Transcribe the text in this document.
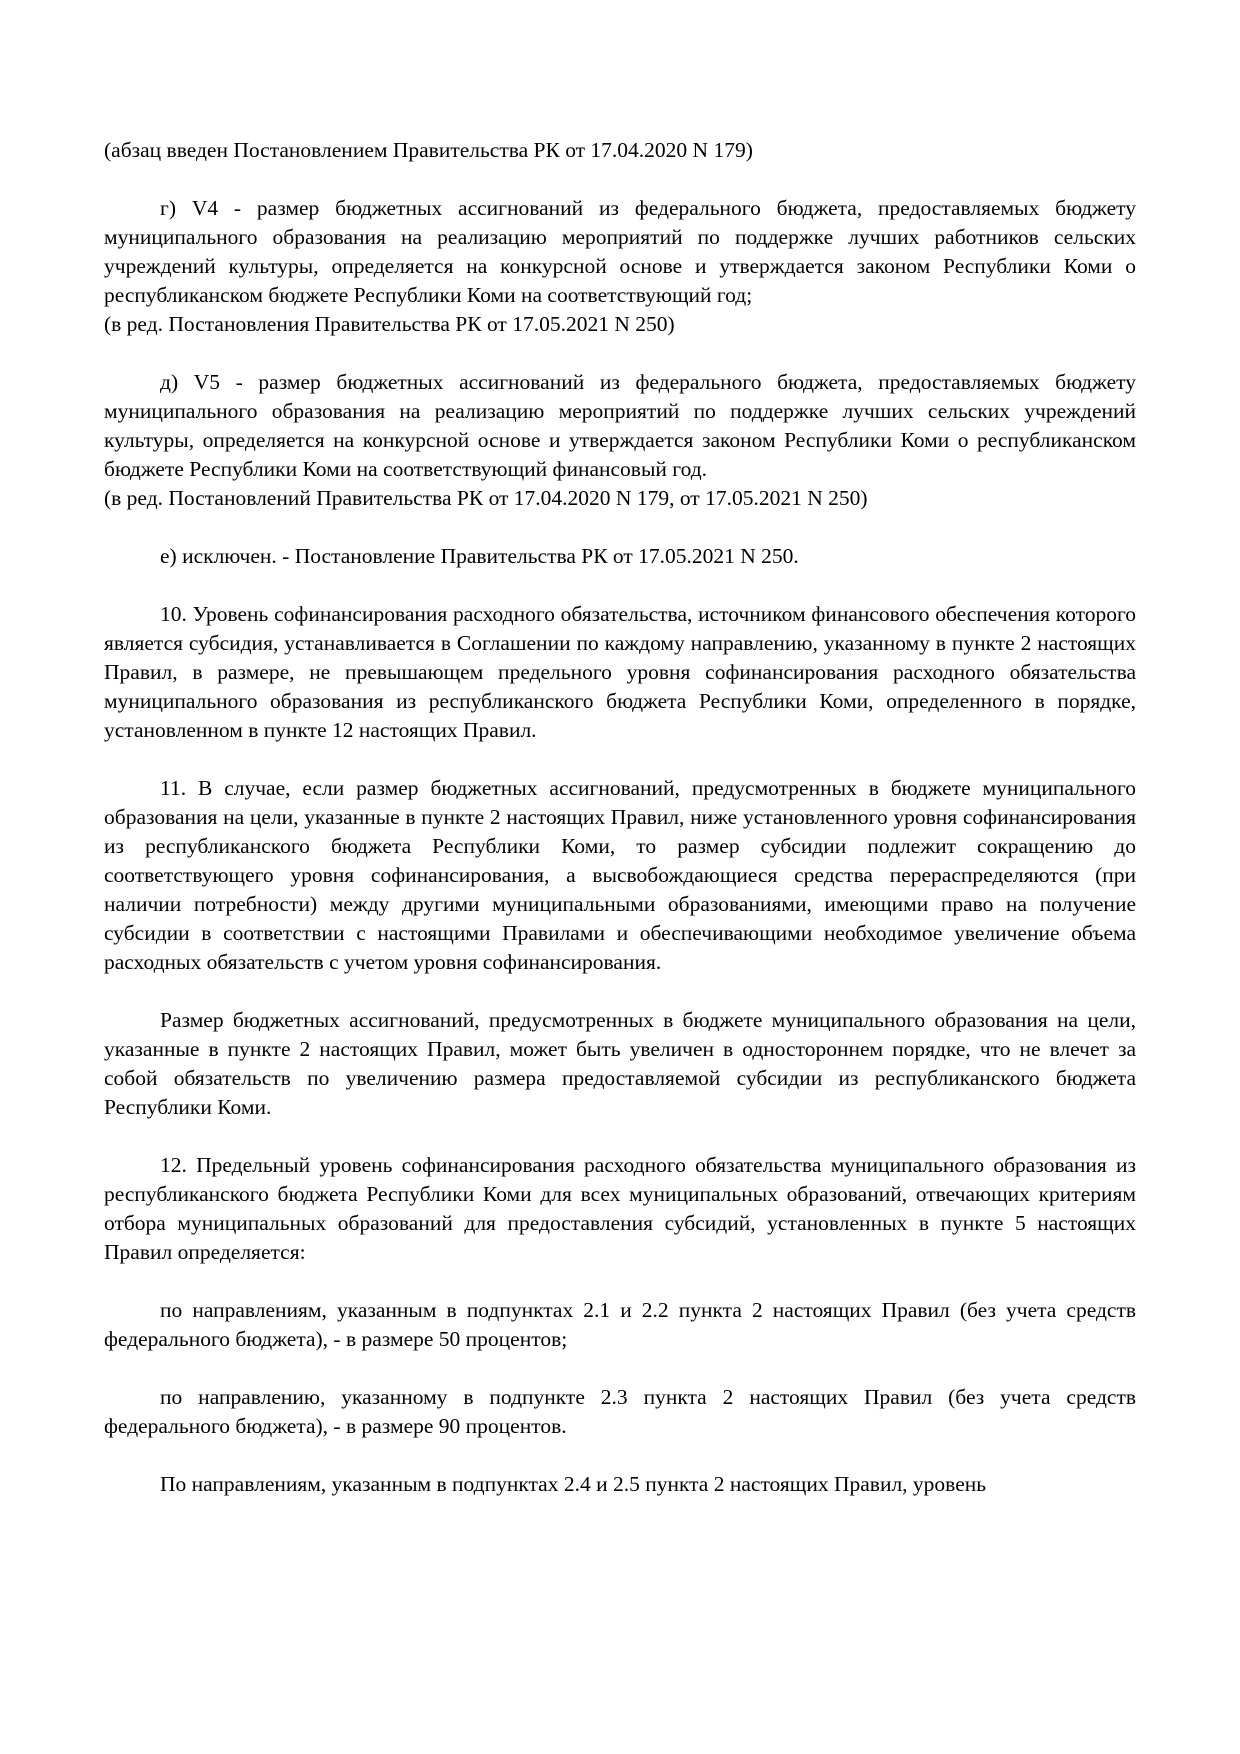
(абзац введен Постановлением Правительства РК от 17.04.2020 N 179)

г) V4 - размер бюджетных ассигнований из федерального бюджета, предоставляемых бюджету муниципального образования на реализацию мероприятий по поддержке лучших работников сельских учреждений культуры, определяется на конкурсной основе и утверждается законом Республики Коми о республиканском бюджете Республики Коми на соответствующий год;

(в ред. Постановления Правительства РК от 17.05.2021 N 250)

д) V5 - размер бюджетных ассигнований из федерального бюджета, предоставляемых бюджету муниципального образования на реализацию мероприятий по поддержке лучших сельских учреждений культуры, определяется на конкурсной основе и утверждается законом Республики Коми о республиканском бюджете Республики Коми на соответствующий финансовый год.

(в ред. Постановлений Правительства РК от 17.04.2020 N 179, от 17.05.2021 N 250)

е) исключен. - Постановление Правительства РК от 17.05.2021 N 250.

10. Уровень софинансирования расходного обязательства, источником финансового обеспечения которого является субсидия, устанавливается в Соглашении по каждому направлению, указанному в пункте 2 настоящих Правил, в размере, не превышающем предельного уровня софинансирования расходного обязательства муниципального образования из республиканского бюджета Республики Коми, определенного в порядке, установленном в пункте 12 настоящих Правил.

11. В случае, если размер бюджетных ассигнований, предусмотренных в бюджете муниципального образования на цели, указанные в пункте 2 настоящих Правил, ниже установленного уровня софинансирования из республиканского бюджета Республики Коми, то размер субсидии подлежит сокращению до соответствующего уровня софинансирования, а высвобождающиеся средства перераспределяются (при наличии потребности) между другими муниципальными образованиями, имеющими право на получение субсидии в соответствии с настоящими Правилами и обеспечивающими необходимое увеличение объема расходных обязательств с учетом уровня софинансирования.

Размер бюджетных ассигнований, предусмотренных в бюджете муниципального образования на цели, указанные в пункте 2 настоящих Правил, может быть увеличен в одностороннем порядке, что не влечет за собой обязательств по увеличению размера предоставляемой субсидии из республиканского бюджета Республики Коми.

12. Предельный уровень софинансирования расходного обязательства муниципального образования из республиканского бюджета Республики Коми для всех муниципальных образований, отвечающих критериям отбора муниципальных образований для предоставления субсидий, установленных в пункте 5 настоящих Правил определяется:

по направлениям, указанным в подпунктах 2.1 и 2.2 пункта 2 настоящих Правил (без учета средств федерального бюджета), - в размере 50 процентов;

по направлению, указанному в подпункте 2.3 пункта 2 настоящих Правил (без учета средств федерального бюджета), - в размере 90 процентов.

По направлениям, указанным в подпунктах 2.4 и 2.5 пункта 2 настоящих Правил, уровень
